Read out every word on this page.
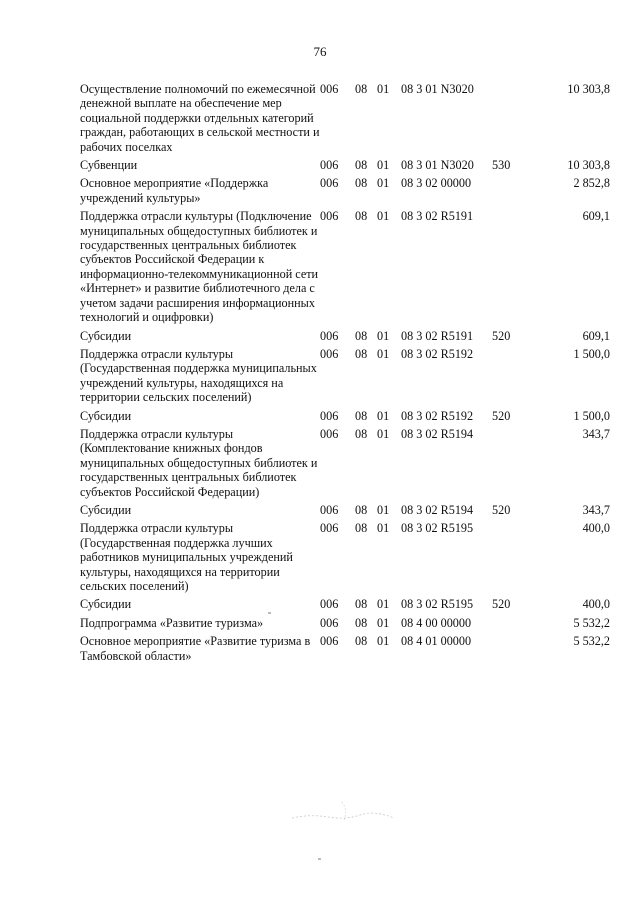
76
Осуществление полномочий по ежемесячной денежной выплате на обеспечение мер социальной поддержки отдельных категорий граждан, работающих в сельской местности и рабочих поселках	006	08	01	08 3 01 N3020		10 303,8
Субвенции	006	08	01	08 3 01 N3020	530	10 303,8
Основное мероприятие «Поддержка учреждений культуры»	006	08	01	08 3 02 00000		2 852,8
Поддержка отрасли культуры (Подключение муниципальных общедоступных библиотек и государственных центральных библиотек субъектов Российской Федерации к информационно-телекоммуникационной сети «Интернет» и развитие библиотечного дела с учетом задачи расширения информационных технологий и оцифровки)	006	08	01	08 3 02 R5191		609,1
Субсидии	006	08	01	08 3 02 R5191	520	609,1
Поддержка отрасли культуры (Государственная поддержка муниципальных учреждений культуры, находящихся на территории сельских поселений)	006	08	01	08 3 02 R5192		1 500,0
Субсидии	006	08	01	08 3 02 R5192	520	1 500,0
Поддержка отрасли культуры (Комплектование книжных фондов муниципальных общедоступных библиотек и государственных центральных библиотек субъектов Российской Федерации)	006	08	01	08 3 02 R5194		343,7
Субсидии	006	08	01	08 3 02 R5194	520	343,7
Поддержка отрасли культуры (Государственная поддержка лучших работников муниципальных учреждений культуры, находящихся на территории сельских поселений)	006	08	01	08 3 02 R5195		400,0
Субсидии	006	08	01	08 3 02 R5195	520	400,0
Подпрограмма «Развитие туризма»	006	08	01	08 4 00 00000		5 532,2
Основное мероприятие «Развитие туризма в Тамбовской области»	006	08	01	08 4 01 00000		5 532,2
